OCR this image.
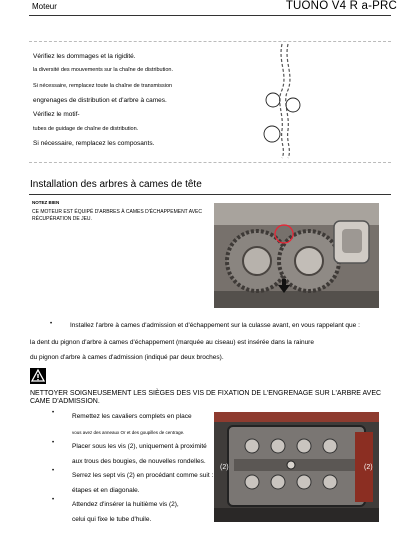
Moteur	TUONO V4 R a-PRC
Vérifiez les dommages et la rigidité.
la diversité des mouvements sur la chaîne de distribution.
Si nécessaire, remplacez toute la chaîne de transmission
engrenages de distribution et d'arbre à cames.
Vérifiez le motif-
tubes de guidage de chaîne de distribution.
Si nécessaire, remplacez les composants.
Installation des arbres à cames de tête
NOTEZ BIEN
CE MOTEUR EST ÉQUIPÉ D'ARBRES À CAMES D'ÉCHAPPEMENT AVEC RÉCUPÉRATION DE JEU.
•	Installez l'arbre à cames d'admission et d'échappement sur la culasse avant, en vous rappelant que :
la dent du pignon d'arbre à cames d'échappement (marquée au ciseau) est insérée dans la rainure
du pignon d'arbre à cames d'admission (indiqué par deux broches).
NETTOYER SOIGNEUSEMENT LES SIÈGES DES VIS DE FIXATION DE L'ENGRENAGE SUR L'ARBRE AVEC CAME D'ADMISSION.
•	Remettez les cavaliers complets en place
vous avez des anneaux Or et des goupilles de centrage.
•	Placer sous les vis (2), uniquement à proximité
aux trous des bougies, de nouvelles rondelles.
•
Serrez les sept vis (2) en procédant comme suit :
étapes et en diagonale.
•
Attendez d'insérer la huitième vis (2),
celui qui fixe le tube d'huile.
(2)	(2)
